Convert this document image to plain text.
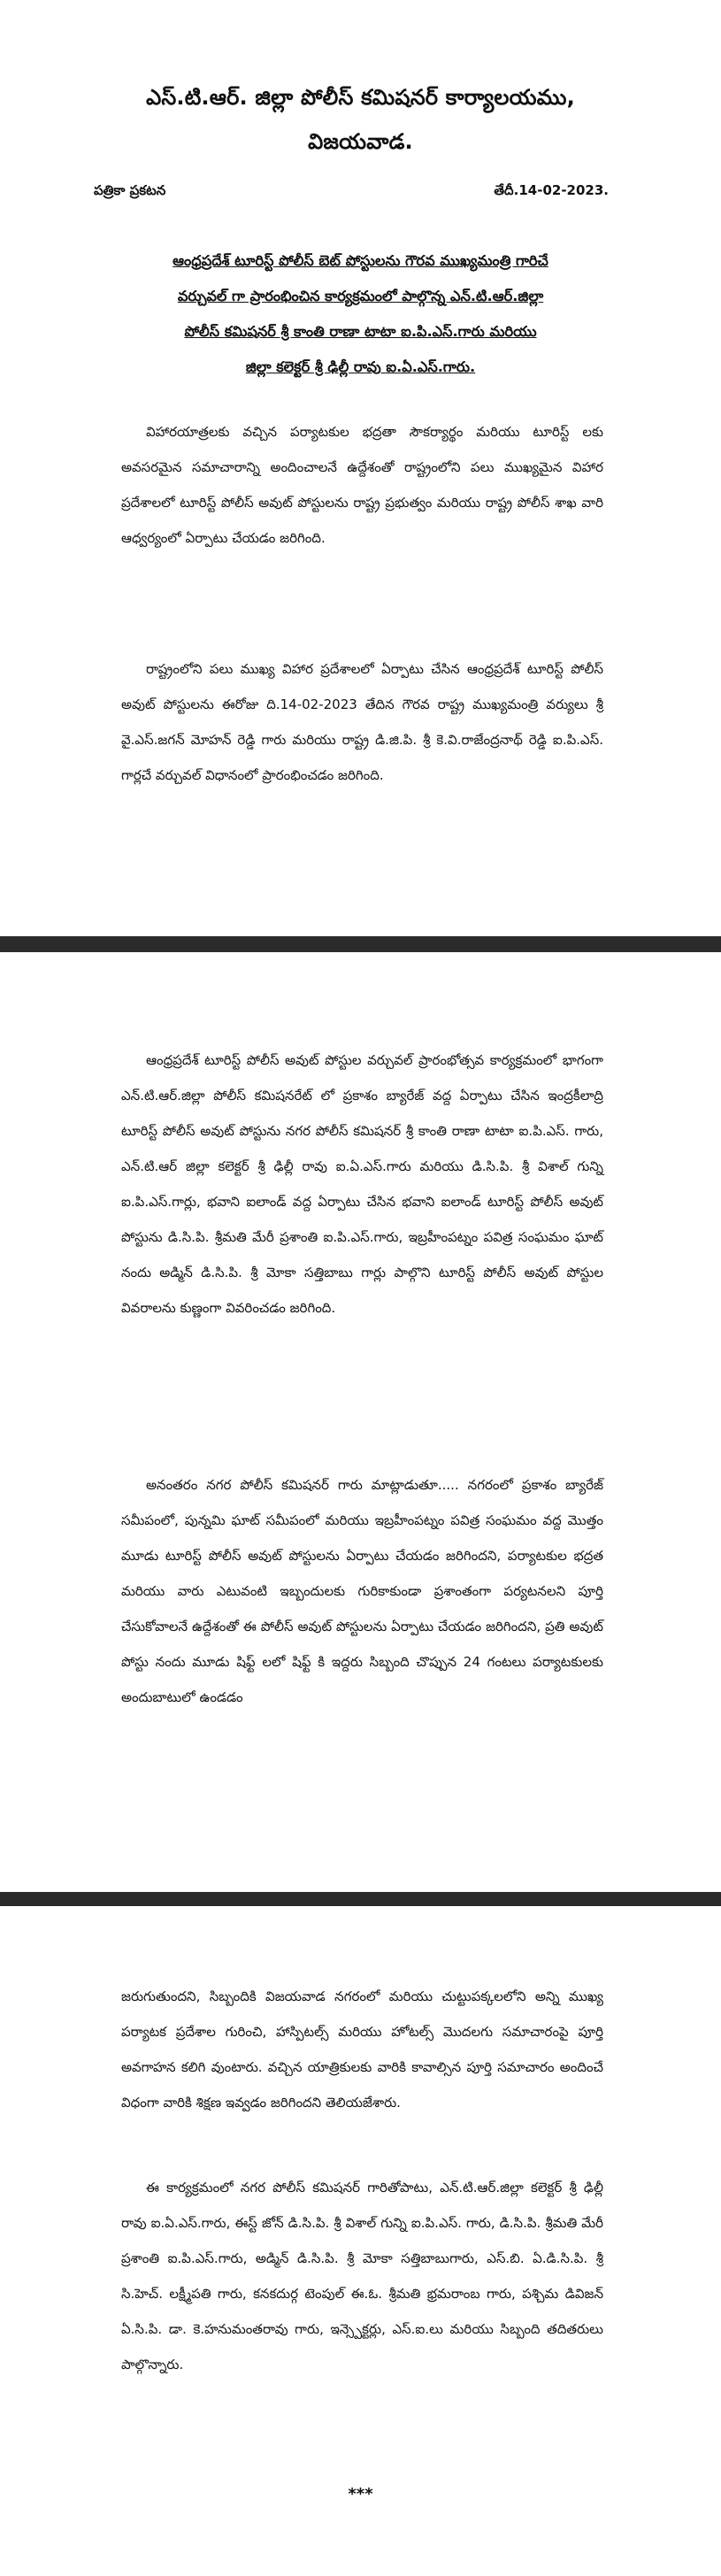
ఎస్.టి.ఆర్. జిల్లా పోలీస్ కమిషనర్ కార్యాలయము,
విజయవాడ.
పత్రికా ప్రకటన	తేదీ.14-02-2023.
ఆంధ్రప్రదేశ్ టూరిస్ట్ పోలీస్ బెట్ పోస్టులను గౌరవ ముఖ్యమంత్రి గారిచే
వర్చువల్ గా ప్రారంభించిన కార్యక్రమంలో పాల్గొన్న ఎన్.టి.ఆర్.జిల్లా
పోలీస్ కమిషనర్ శ్రీ కాంతి రాణా టాటా ఐ.పి.ఎస్.గారు మరియు
జిల్లా కలెక్టర్ శ్రీ ఢిల్లీ రావు ఐ.ఏ.ఎస్.గారు.

విహారయాత్రలకు వచ్చిన పర్యాటకుల భద్రతా సౌకర్యార్థం మరియు టూరిస్ట్ లకు అవసరమైన సమాచారాన్ని అందించాలనే ఉద్దేశంతో రాష్ట్రంలోని పలు ముఖ్యమైన విహార ప్రదేశాలలో టూరిస్ట్ పోలీస్ అవుట్ పోస్టులను రాష్ట్ర ప్రభుత్వం మరియు రాష్ట్ర పోలీస్ శాఖ వారి ఆధ్వర్యంలో ఏర్పాటు చేయడం జరిగింది.

రాష్ట్రంలోని పలు ముఖ్య విహార ప్రదేశాలలో ఏర్పాటు చేసిన ఆంధ్రప్రదేశ్ టూరిస్ట్ పోలీస్ అవుట్ పోస్టులను ఈరోజు ది.14-02-2023 తేదిన గౌరవ రాష్ట్ర ముఖ్యమంత్రి వర్యులు శ్రీ వై.ఎస్.జగన్ మోహన్ రెడ్డి గారు మరియు రాష్ట్ర డి.జి.పి. శ్రీ కె.వి.రాజేంద్రనాథ్ రెడ్డి ఐ.పి.ఎస్. గార్లచే వర్చువల్ విధానంలో ప్రారంభించడం జరిగింది.

ఆంధ్రప్రదేశ్ టూరిస్ట్ పోలీస్ అవుట్ పోస్టుల వర్చువల్ ప్రారంభోత్సవ కార్యక్రమంలో భాగంగా ఎన్.టి.ఆర్.జిల్లా పోలీస్ కమిషనరేట్ లో ప్రకాశం బ్యారేజ్ వద్ద ఏర్పాటు చేసిన ఇంద్రకీలాద్రి టూరిస్ట్ పోలీస్ అవుట్ పోస్టును నగర పోలీస్ కమిషనర్ శ్రీ కాంతి రాణా టాటా ఐ.పి.ఎస్. గారు, ఎన్.టి.ఆర్ జిల్లా కలెక్టర్ శ్రీ ఢిల్లీ రావు ఐ.ఏ.ఎస్.గారు మరియు డి.సి.పి. శ్రీ విశాల్ గున్ని ఐ.పి.ఎస్.గార్లు, భవాని ఐలాండ్ వద్ద ఏర్పాటు చేసిన భవాని ఐలాండ్ టూరిస్ట్ పోలీస్ అవుట్ పోస్టును డి.సి.పి. శ్రీమతి మేరీ ప్రశాంతి ఐ.పి.ఎస్.గారు, ఇబ్రహీంపట్నం పవిత్ర సంఘమం ఘాట్ నందు అడ్మిన్ డి.సి.పి. శ్రీ మోకా సత్తిబాబు గార్లు పాల్గొని టూరిస్ట్ పోలీస్ అవుట్ పోస్టుల వివరాలను కుణ్ణంగా వివరించడం జరిగింది.

అనంతరం నగర పోలీస్ కమిషనర్ గారు మాట్లాడుతూ..... నగరంలో ప్రకాశం బ్యారేజ్ సమీపంలో, పున్నమి ఘాట్ సమీపంలో మరియు ఇబ్రహీంపట్నం పవిత్ర సంఘమం వద్ద మొత్తం మూడు టూరిస్ట్ పోలీస్ అవుట్ పోస్టులను ఏర్పాటు చేయడం జరిగిందని, పర్యాటకుల భద్రత మరియు వారు ఎటువంటి ఇబ్బందులకు గురికాకుండా ప్రశాంతంగా పర్యటనలని పూర్తి చేసుకోవాలనే ఉద్దేశంతో ఈ పోలీస్ అవుట్ పోస్టులను ఏర్పాటు చేయడం జరిగిందని, ప్రతి అవుట్ పోస్టు నందు మూడు షిఫ్ట్ లలో షిఫ్ట్ కి ఇద్దరు సిబ్బంది చొప్పున 24 గంటలు పర్యాటకులకు అందుబాటులో ఉండడం

జరుగుతుందని, సిబ్బందికి విజయవాడ నగరంలో మరియు చుట్టుపక్కలలోని అన్ని ముఖ్య పర్యాటక ప్రదేశాల గురించి, హాస్పిటల్స్ మరియు హోటల్స్ మొదలగు సమాచారంపై పూర్తి అవగాహన కలిగి వుంటారు. వచ్చిన యాత్రికులకు వారికి కావాల్సిన పూర్తి సమాచారం అందించే విధంగా వారికి శిక్షణ ఇవ్వడం జరిగిందని తెలియజేశారు.

ఈ కార్యక్రమంలో నగర పోలీస్ కమిషనర్ గారితోపాటు, ఎన్.టి.ఆర్.జిల్లా కలెక్టర్ శ్రీ ఢిల్లీ రావు ఐ.ఏ.ఎస్.గారు, ఈస్ట్ జోన్ డి.సి.పి. శ్రీ విశాల్ గున్ని ఐ.పి.ఎస్. గారు, డి.సి.పి. శ్రీమతి మేరీ ప్రశాంతి ఐ.పి.ఎస్.గారు, అడ్మిన్ డి.సి.పి. శ్రీ మోకా సత్తిబాబుగారు, ఎస్.బి. ఏ.డి.సి.పి. శ్రీ సి.హెచ్. లక్ష్మీపతి గారు, కనకదుర్గ టెంపుల్ ఈ.ఓ. శ్రీమతి భ్రమరాంబ గారు, పశ్చిమ డివిజన్ ఏ.సి.పి. డా. కె.హనుమంతరావు గారు, ఇన్స్పెక్టర్లు, ఎస్.ఐ.లు మరియు సిబ్బంది తదితరులు పాల్గొన్నారు.

***
